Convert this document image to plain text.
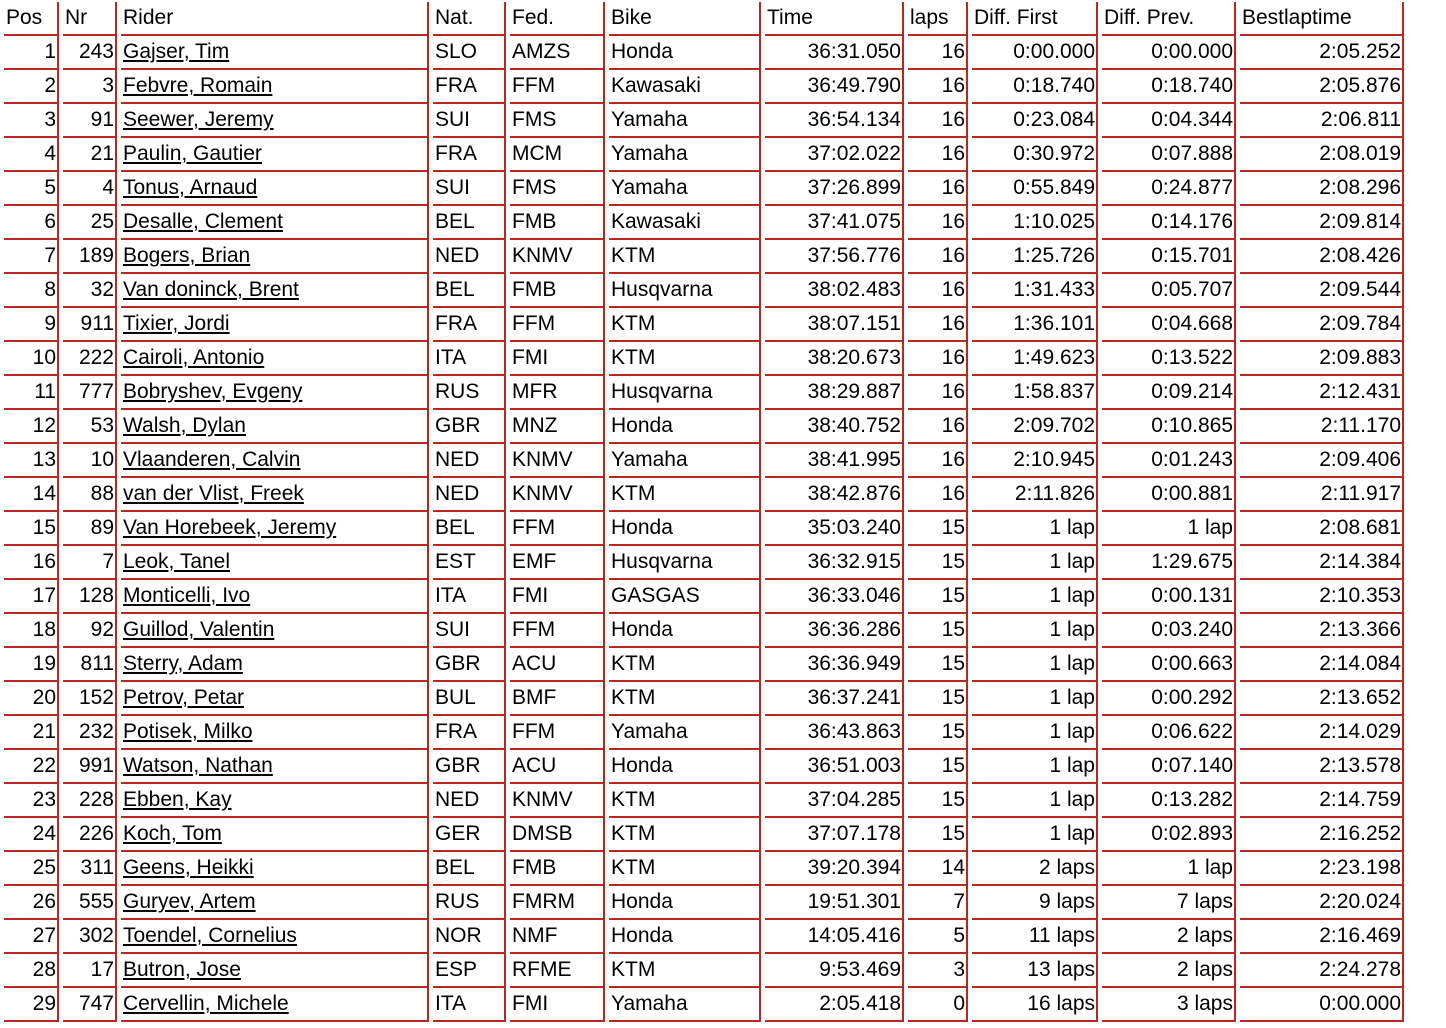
Pos	Nr	Rider	Nat.	Fed.	Bike	Time	laps	Diff. First	Diff. Prev.	Bestlaptime
1	243	Gajser, Tim	SLO	AMZS	Honda	36:31.050	16	0:00.000	0:00.000	2:05.252
2	3	Febvre, Romain	FRA	FFM	Kawasaki	36:49.790	16	0:18.740	0:18.740	2:05.876
3	91	Seewer, Jeremy	SUI	FMS	Yamaha	36:54.134	16	0:23.084	0:04.344	2:06.811
4	21	Paulin, Gautier	FRA	MCM	Yamaha	37:02.022	16	0:30.972	0:07.888	2:08.019
5	4	Tonus, Arnaud	SUI	FMS	Yamaha	37:26.899	16	0:55.849	0:24.877	2:08.296
6	25	Desalle, Clement	BEL	FMB	Kawasaki	37:41.075	16	1:10.025	0:14.176	2:09.814
7	189	Bogers, Brian	NED	KNMV	KTM	37:56.776	16	1:25.726	0:15.701	2:08.426
8	32	Van doninck, Brent	BEL	FMB	Husqvarna	38:02.483	16	1:31.433	0:05.707	2:09.544
9	911	Tixier, Jordi	FRA	FFM	KTM	38:07.151	16	1:36.101	0:04.668	2:09.784
10	222	Cairoli, Antonio	ITA	FMI	KTM	38:20.673	16	1:49.623	0:13.522	2:09.883
11	777	Bobryshev, Evgeny	RUS	MFR	Husqvarna	38:29.887	16	1:58.837	0:09.214	2:12.431
12	53	Walsh, Dylan	GBR	MNZ	Honda	38:40.752	16	2:09.702	0:10.865	2:11.170
13	10	Vlaanderen, Calvin	NED	KNMV	Yamaha	38:41.995	16	2:10.945	0:01.243	2:09.406
14	88	van der Vlist, Freek	NED	KNMV	KTM	38:42.876	16	2:11.826	0:00.881	2:11.917
15	89	Van Horebeek, Jeremy	BEL	FFM	Honda	35:03.240	15	1 lap	1 lap	2:08.681
16	7	Leok, Tanel	EST	EMF	Husqvarna	36:32.915	15	1 lap	1:29.675	2:14.384
17	128	Monticelli, Ivo	ITA	FMI	GASGAS	36:33.046	15	1 lap	0:00.131	2:10.353
18	92	Guillod, Valentin	SUI	FFM	Honda	36:36.286	15	1 lap	0:03.240	2:13.366
19	811	Sterry, Adam	GBR	ACU	KTM	36:36.949	15	1 lap	0:00.663	2:14.084
20	152	Petrov, Petar	BUL	BMF	KTM	36:37.241	15	1 lap	0:00.292	2:13.652
21	232	Potisek, Milko	FRA	FFM	Yamaha	36:43.863	15	1 lap	0:06.622	2:14.029
22	991	Watson, Nathan	GBR	ACU	Honda	36:51.003	15	1 lap	0:07.140	2:13.578
23	228	Ebben, Kay	NED	KNMV	KTM	37:04.285	15	1 lap	0:13.282	2:14.759
24	226	Koch, Tom	GER	DMSB	KTM	37:07.178	15	1 lap	0:02.893	2:16.252
25	311	Geens, Heikki	BEL	FMB	KTM	39:20.394	14	2 laps	1 lap	2:23.198
26	555	Guryev, Artem	RUS	FMRM	Honda	19:51.301	7	9 laps	7 laps	2:20.024
27	302	Toendel, Cornelius	NOR	NMF	Honda	14:05.416	5	11 laps	2 laps	2:16.469
28	17	Butron, Jose	ESP	RFME	KTM	9:53.469	3	13 laps	2 laps	2:24.278
29	747	Cervellin, Michele	ITA	FMI	Yamaha	2:05.418	0	16 laps	3 laps	0:00.000
